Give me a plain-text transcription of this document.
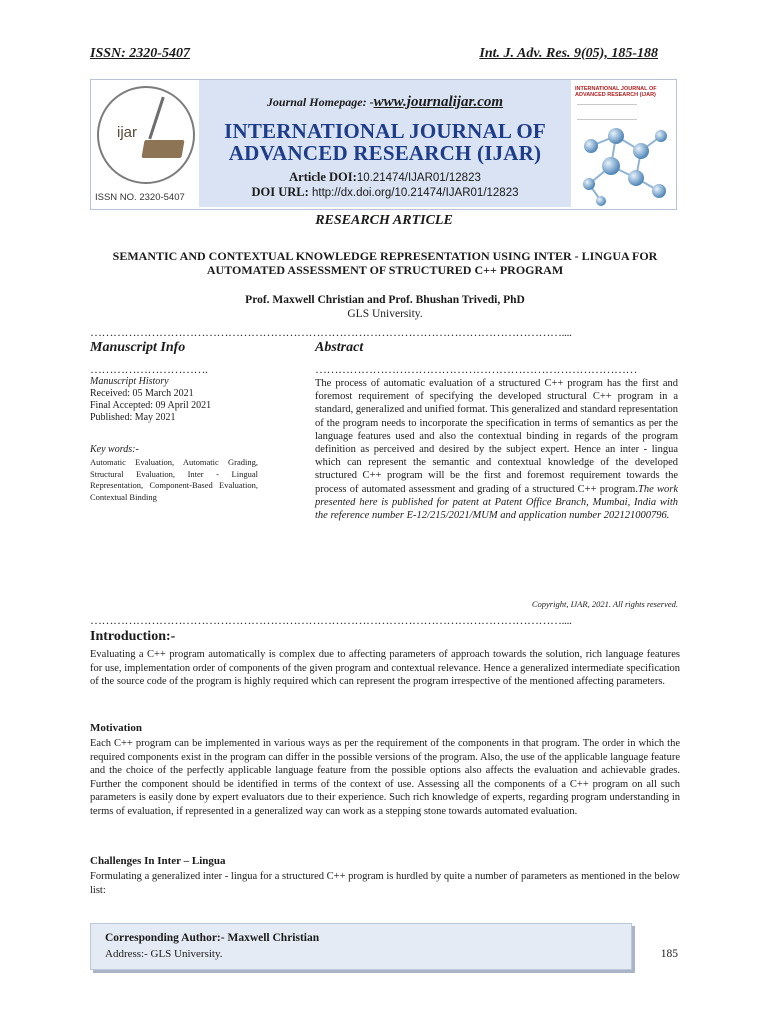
ISSN: 2320-5407	Int. J. Adv. Res. 9(05), 185-188
ijar
ISSN NO. 2320-5407
Journal Homepage: -www.journalijar.com
INTERNATIONAL JOURNAL OF
ADVANCED RESEARCH (IJAR)
Article DOI:10.21474/IJAR01/12823
DOI URL: http://dx.doi.org/10.21474/IJAR01/12823
INTERNATIONAL JOURNAL OF ADVANCED RESEARCH (IJAR)
RESEARCH ARTICLE
SEMANTIC AND CONTEXTUAL KNOWLEDGE REPRESENTATION USING INTER - LINGUA FOR AUTOMATED ASSESSMENT OF STRUCTURED C++ PROGRAM
Prof. Maxwell Christian and Prof. Bhushan Trivedi, PhD
GLS University.
……………………………………………………………………………………………………………....
Manuscript Info
………………………….
Manuscript History
Received: 05 March 2021
Final Accepted: 09 April 2021
Published: May 2021
Key words:-
Automatic Evaluation, Automatic Grading, Structural Evaluation, Inter - Lingual Representation, Component-Based Evaluation, Contextual Binding
Abstract
…………………………………………………………………………
The process of automatic evaluation of a structured C++ program has the first and foremost requirement of specifying the developed structural C++ program in a standard, generalized and unified format. This generalized and standard representation of the program needs to incorporate the specification in terms of semantics as per the language features used and also the contextual binding in regards of the program definition as perceived and desired by the subject expert. Hence an inter - lingua which can represent the semantic and contextual knowledge of the developed structured C++ program will be the first and foremost requirement towards the process of automated assessment and grading of a structured C++ program.The work presented here is published for patent at Patent Office Branch, Mumbai, India with the reference number E-12/215/2021/MUM and application number 202121000796.
Copyright, IJAR, 2021. All rights reserved.
……………………………………………………………………………………………………………....
Introduction:-
Evaluating a C++ program automatically is complex due to affecting parameters of approach towards the solution, rich language features for use, implementation order of components of the given program and contextual relevance. Hence a generalized intermediate specification of the source code of the program is highly required which can represent the program irrespective of the mentioned affecting parameters.
Motivation
Each C++ program can be implemented in various ways as per the requirement of the components in that program. The order in which the required components exist in the program can differ in the possible versions of the program. Also, the use of the applicable language feature and the choice of the perfectly applicable language feature from the possible options also affects the evaluation and achievable grades. Further the component should be identified in terms of the context of use. Assessing all the components of a C++ program on all such parameters is easily done by expert evaluators due to their experience. Such rich knowledge of experts, regarding program understanding in terms of evaluation, if represented in a generalized way can work as a stepping stone towards automated evaluation.
Challenges In Inter – Lingua
Formulating a generalized inter - lingua for a structured C++ program is hurdled by quite a number of parameters as mentioned in the below list:
Corresponding Author:- Maxwell Christian
Address:- GLS University.	185
